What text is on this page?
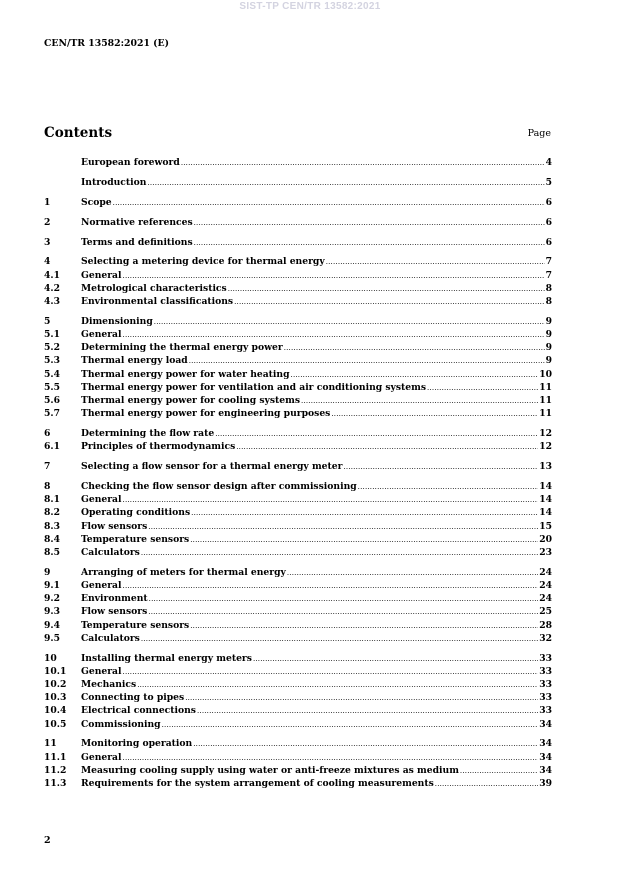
SIST-TP CEN/TR 13582:2021
CEN/TR 13582:2021 (E)
Contents	Page
European foreword .....	4
Introduction .....	5
1	Scope .....	6
2	Normative references .....	6
3	Terms and definitions .....	6
4	Selecting a metering device for thermal energy .....	7
4.1	General .....	7
4.2	Metrological characteristics .....	8
4.3	Environmental classifications .....	8
5	Dimensioning .....	9
5.1	General .....	9
5.2	Determining the thermal energy power .....	9
5.3	Thermal energy load .....	9
5.4	Thermal energy power for water heating .....	10
5.5	Thermal energy power for ventilation and air conditioning systems .....	11
5.6	Thermal energy power for cooling systems .....	11
5.7	Thermal energy power for engineering purposes .....	11
6	Determining the flow rate .....	12
6.1	Principles of thermodynamics .....	12
7	Selecting a flow sensor for a thermal energy meter .....	13
8	Checking the flow sensor design after commissioning .....	14
8.1	General .....	14
8.2	Operating conditions .....	14
8.3	Flow sensors .....	15
8.4	Temperature sensors .....	20
8.5	Calculators .....	23
9	Arranging of meters for thermal energy .....	24
9.1	General .....	24
9.2	Environment .....	24
9.3	Flow sensors .....	25
9.4	Temperature sensors .....	28
9.5	Calculators .....	32
10	Installing thermal energy meters .....	33
10.1	General .....	33
10.2	Mechanics .....	33
10.3	Connecting to pipes .....	33
10.4	Electrical connections .....	33
10.5	Commissioning .....	34
11	Monitoring operation .....	34
11.1	General .....	34
11.2	Measuring cooling supply using water or anti-freeze mixtures as medium .....	34
11.3	Requirements for the system arrangement of cooling measurements .....	39
2
